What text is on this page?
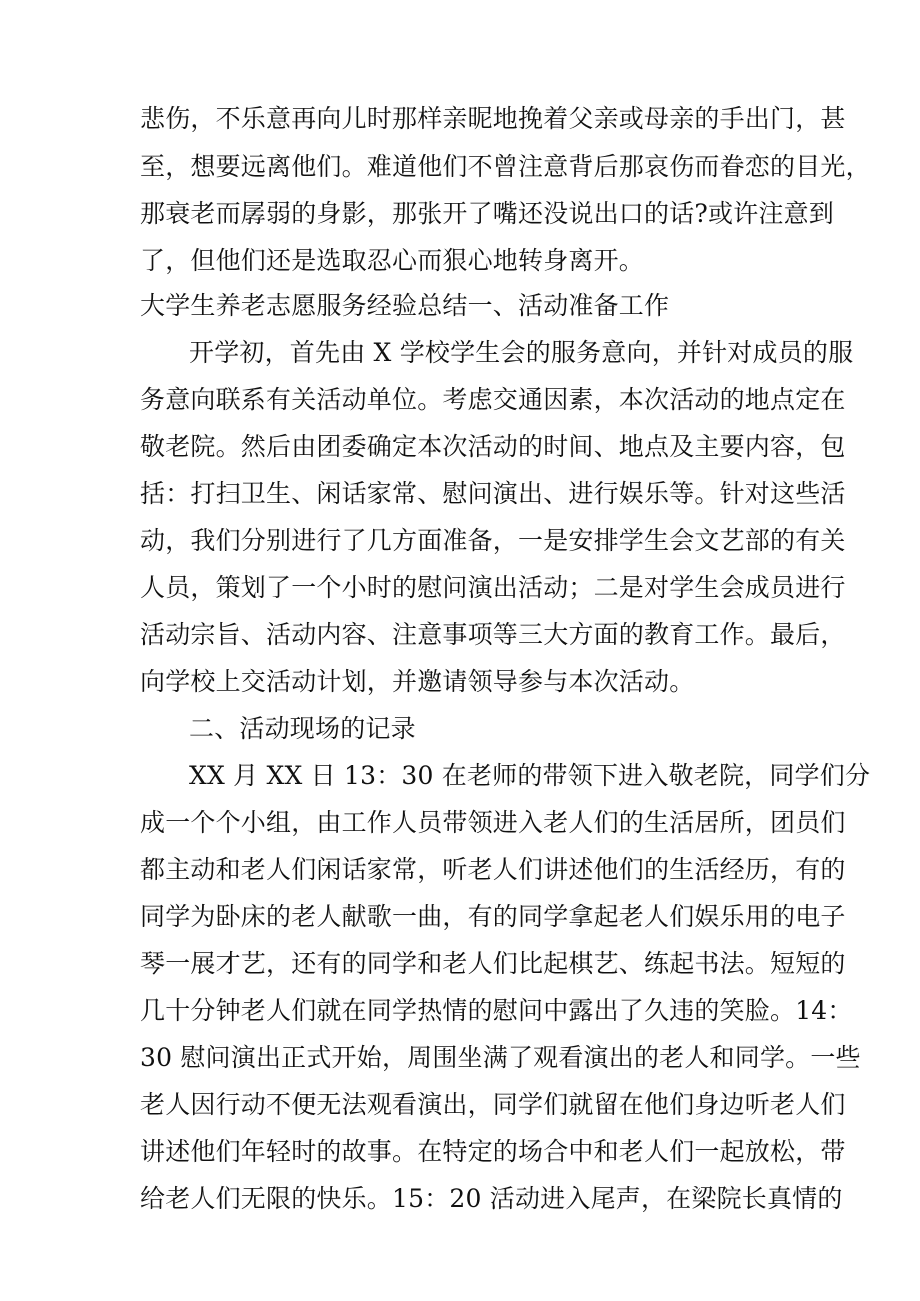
悲伤，不乐意再向儿时那样亲昵地挽着父亲或母亲的手出门，甚
至，想要远离他们。难道他们不曾注意背后那哀伤而眷恋的目光，
那衰老而孱弱的身影，那张开了嘴还没说出口的话?或许注意到
了，但他们还是选取忍心而狠心地转身离开。
大学生养老志愿服务经验总结一、活动准备工作
开学初，首先由 X 学校学生会的服务意向，并针对成员的服
务意向联系有关活动单位。考虑交通因素，本次活动的地点定在
敬老院。然后由团委确定本次活动的时间、地点及主要内容，包
括：打扫卫生、闲话家常、慰问演出、进行娱乐等。针对这些活
动，我们分别进行了几方面准备，一是安排学生会文艺部的有关
人员，策划了一个小时的慰问演出活动；二是对学生会成员进行
活动宗旨、活动内容、注意事项等三大方面的教育工作。最后，
向学校上交活动计划，并邀请领导参与本次活动。
二、活动现场的记录
XX 月 XX 日 13：30 在老师的带领下进入敬老院，同学们分
成一个个小组，由工作人员带领进入老人们的生活居所，团员们
都主动和老人们闲话家常，听老人们讲述他们的生活经历，有的
同学为卧床的老人献歌一曲，有的同学拿起老人们娱乐用的电子
琴一展才艺，还有的同学和老人们比起棋艺、练起书法。短短的
几十分钟老人们就在同学热情的慰问中露出了久违的笑脸。14：
30 慰问演出正式开始，周围坐满了观看演出的老人和同学。一些
老人因行动不便无法观看演出，同学们就留在他们身边听老人们
讲述他们年轻时的故事。在特定的场合中和老人们一起放松，带
给老人们无限的快乐。15：20 活动进入尾声，在梁院长真情的
